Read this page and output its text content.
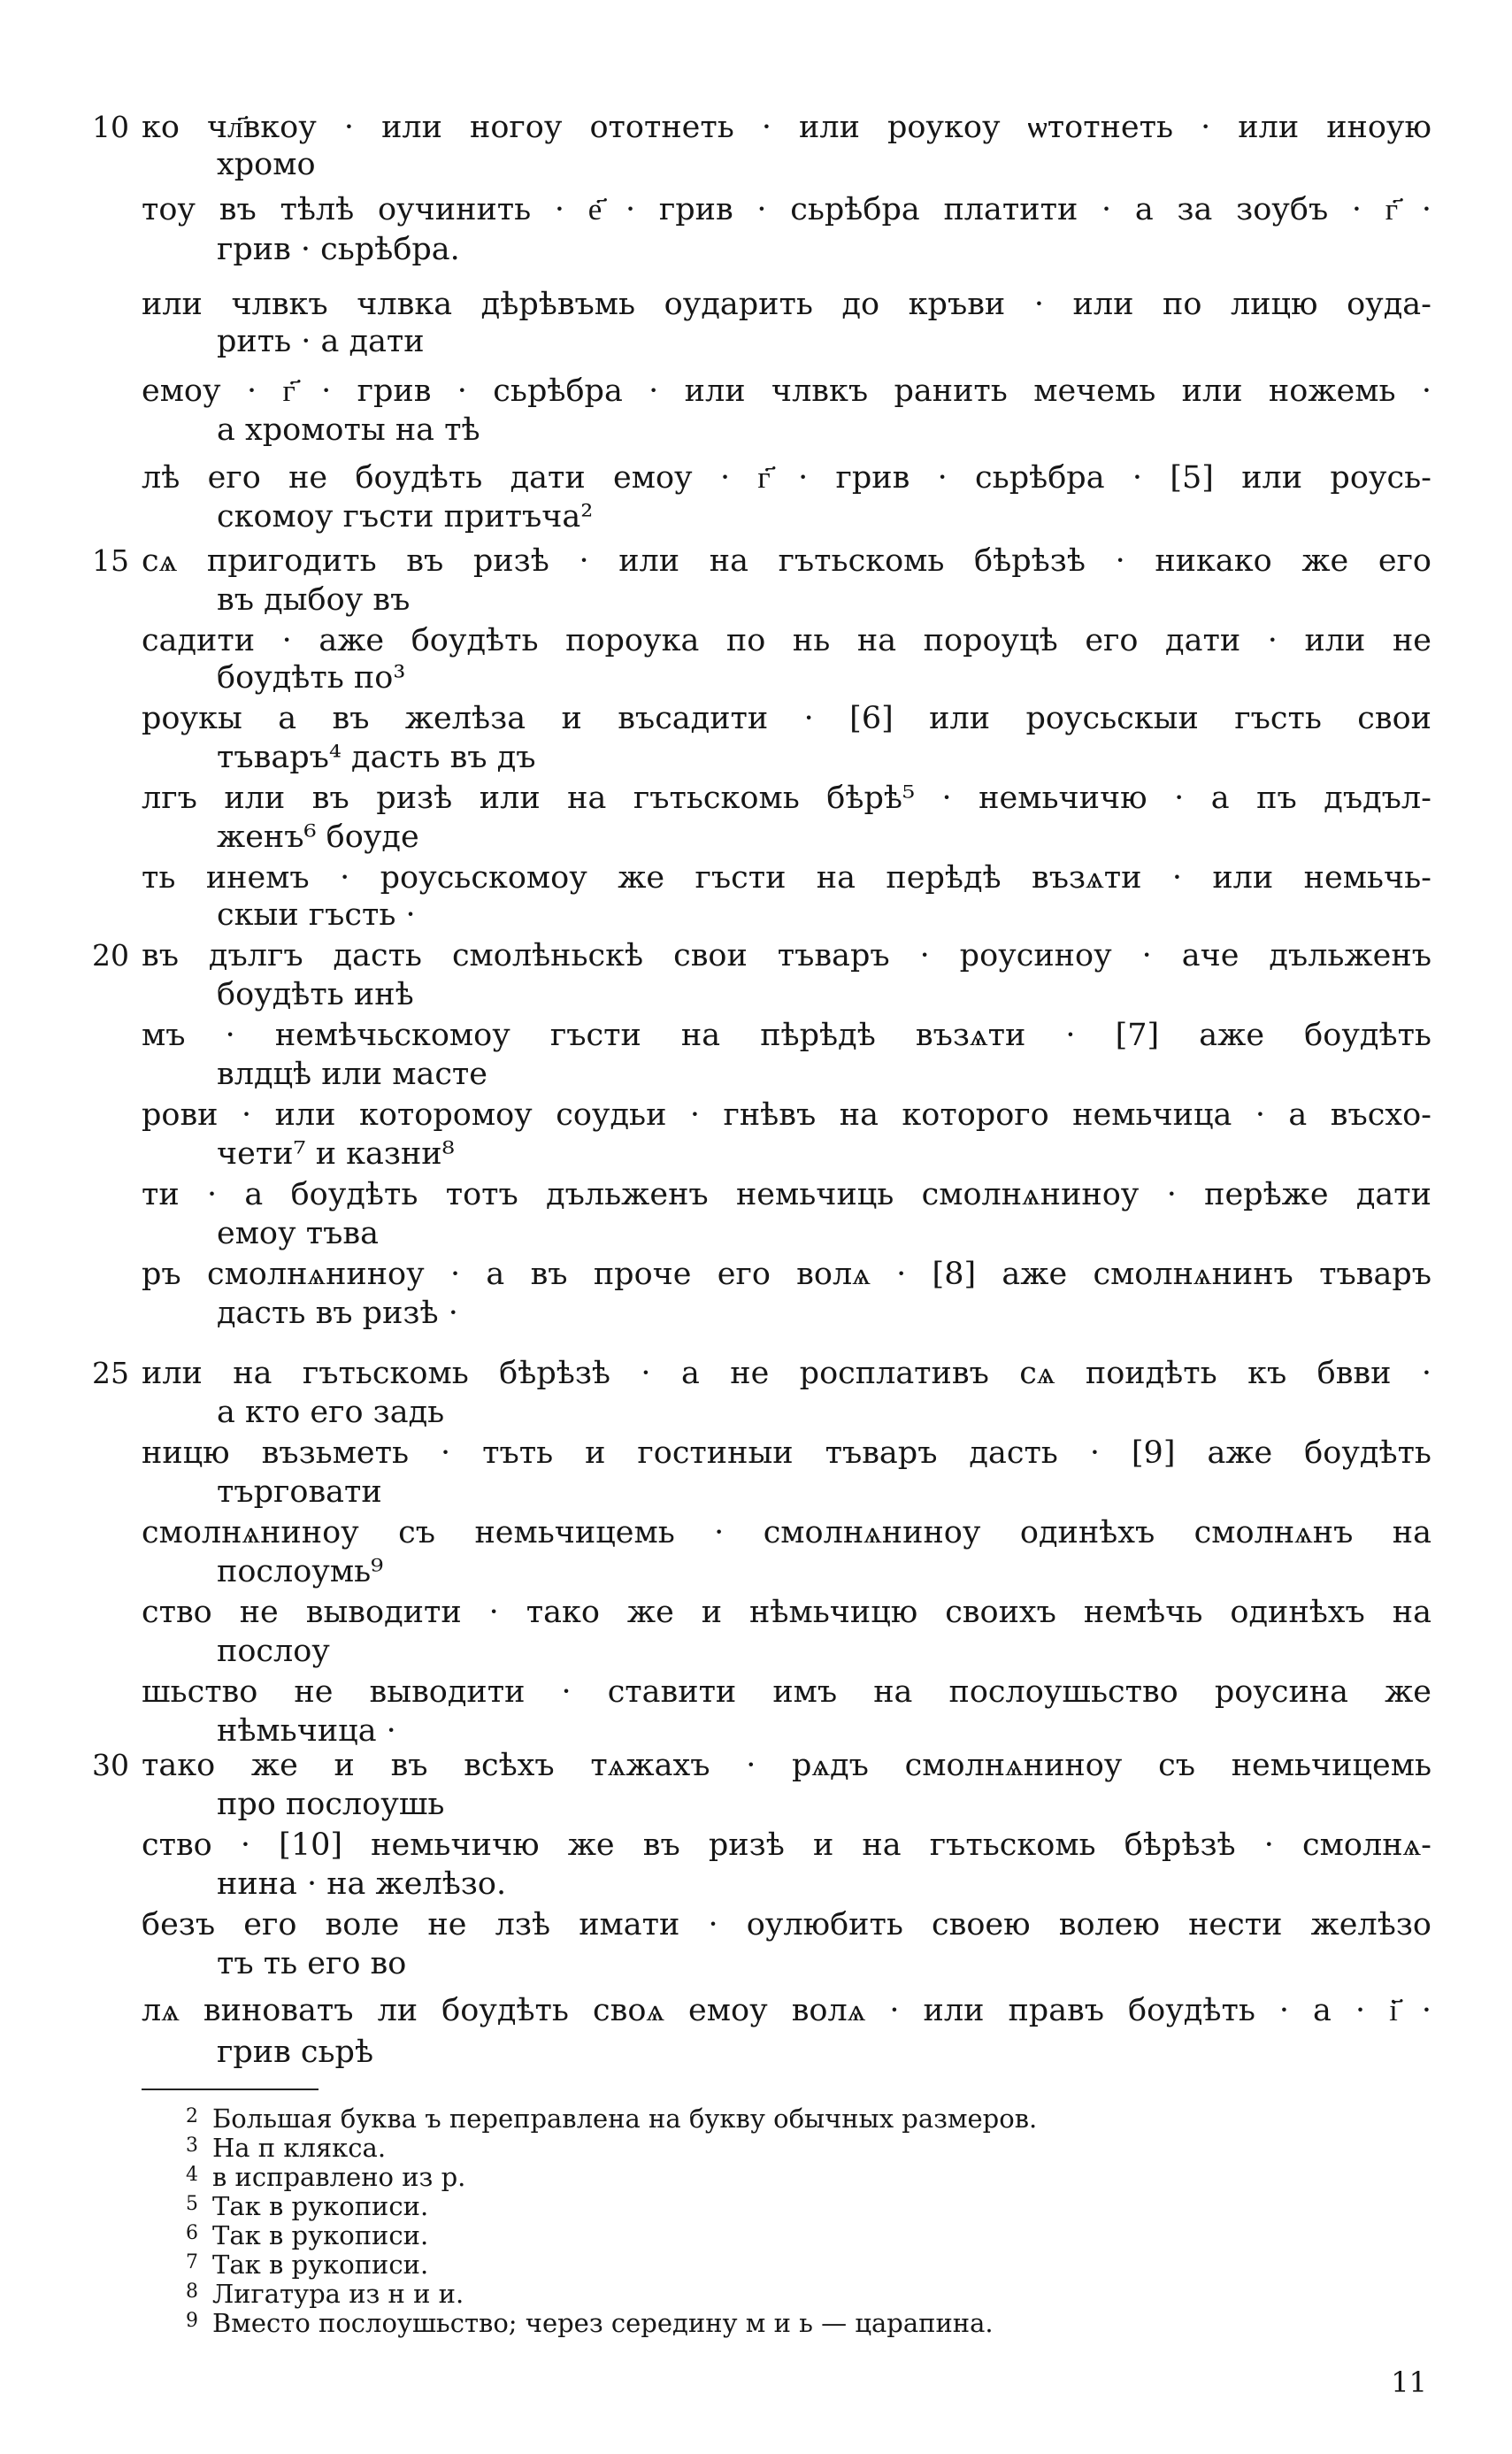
10
15
20
25
30
ко чл҃вкоу · или ногоу ототнеть · или роукоу ѡтотнеть · или иноую
хромо
тоу въ тѣлѣ оучинить · е҃ · грив · сьрѣбра платити · а за зоубъ · г҃ ·
грив · сьрѣбра.
или члвкъ члвка дѣрѣвъмь оударить до кръви · или по лицю оуда-
рить · а дати
емоу · г҃ · грив · сьрѣбра · или члвкъ ранить мечемь или ножемь ·
а хромоты на тѣ
лѣ его не боудѣть дати емоу · г҃ · грив · сьрѣбра · [5] или роусь-
скомоу гъсти притъча²
сѧ пригодить въ ризѣ · или на гътьскомь бѣрѣзѣ · никако же его
въ дыбоу въ
садити · аже боудѣть пороука по нь на пороуцѣ его дати · или не
боудѣть по³
роукы а въ желѣза и въсадити · [6] или роусьскыи гъсть свои
тъваръ⁴ дасть въ дъ
лгъ или въ ризѣ или на гътьскомь бѣрѣ⁵ · немьчичю · а пъ дъдъл-
женъ⁶ боуде
ть инемъ · роусьскомоу же гъсти на перѣдѣ възѧти · или немьчь-
скыи гъсть ·
въ дългъ дасть смолѣньскѣ свои тъваръ · роусиноу · аче дъльженъ
боудѣть инѣ
мъ · немѣчьскомоу гъсти на пѣрѣдѣ възѧти · [7] аже боудѣть
влдцѣ или масте
рови · или которомоу соудьи · гнѣвъ на которого немьчица · а въсхо-
чети⁷ и казни⁸
ти · а боудѣть тотъ дъльженъ немьчиць смолнѧниноу · перѣже дати
емоу тъва
ръ смолнѧниноу · а въ проче его волѧ · [8] аже смолнѧнинъ тъваръ
дасть въ ризѣ ·
или на гътьскомь бѣрѣзѣ · а не росплативъ сѧ поидѣть къ бвви ·
а кто его задь
ницю възьметь · тъть и гостиныи тъваръ дасть · [9] аже боудѣть
търговати
смолнѧниноу съ немьчицемь · смолнѧниноу одинѣхъ смолнѧнъ на
послоумь⁹
ство не выводити · тако же и нѣмьчицю своихъ немѣчь одинѣхъ на
послоу
шьство не выводити · ставити имъ на послоушьство роусина же
нѣмьчица ·
тако же и въ всѣхъ тѧжахъ · рѧдъ смолнѧниноу съ немьчицемь
про послоушь
ство · [10] немьчичю же въ ризѣ и на гътьскомь бѣрѣзѣ · смолнѧ-
нина · на желѣзо.
безъ его воле не лзѣ имати · оулюбить своею волею нести желѣзо
тъ ть его во
лѧ виноватъ ли боудѣть своѧ емоу волѧ · или правъ боудѣть · а · і҃ ·
грив сьрѣ
2 Большая буква ъ переправлена на букву обычных размеров.
3 На п клякса.
4 в исправлено из р.
5 Так в рукописи.
6 Так в рукописи.
7 Так в рукописи.
8 Лигатура из н и и.
9 Вместо послоушьство; через середину м и ь — царапина.
11
